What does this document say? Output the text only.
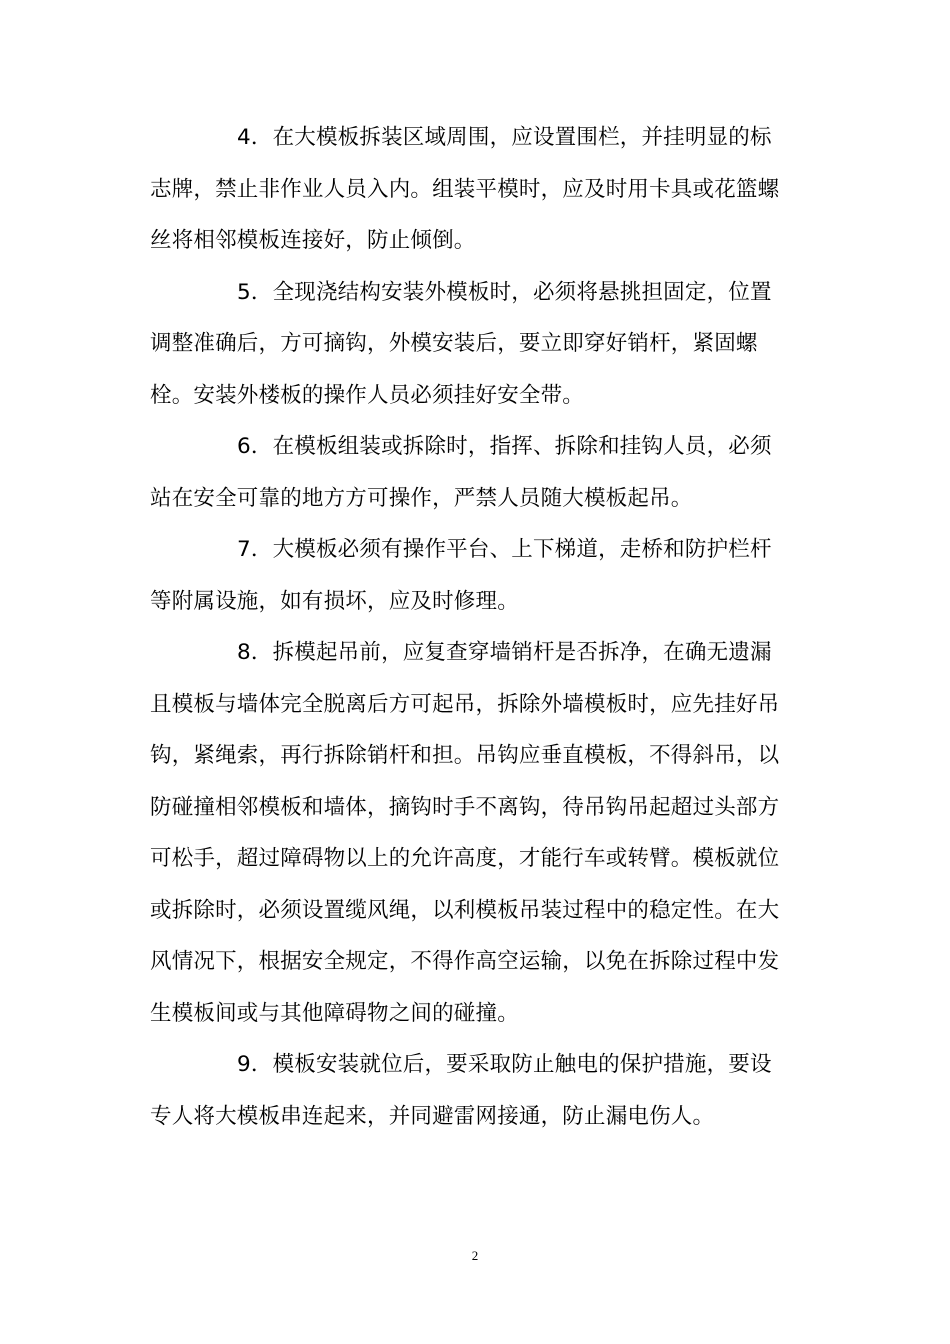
4．在大模板拆装区域周围，应设置围栏，并挂明显的标
志牌，禁止非作业人员入内。组装平模时，应及时用卡具或花篮螺
丝将相邻模板连接好，防止倾倒。
5．全现浇结构安装外模板时，必须将悬挑担固定，位置
调整准确后，方可摘钩，外模安装后，要立即穿好销杆，紧固螺
栓。安装外楼板的操作人员必须挂好安全带。
6．在模板组装或拆除时，指挥、拆除和挂钩人员，必须
站在安全可靠的地方方可操作，严禁人员随大模板起吊。
7．大模板必须有操作平台、上下梯道，走桥和防护栏杆
等附属设施，如有损坏，应及时修理。
8．拆模起吊前，应复查穿墙销杆是否拆净，在确无遗漏
且模板与墙体完全脱离后方可起吊，拆除外墙模板时，应先挂好吊
钩，紧绳索，再行拆除销杆和担。吊钩应垂直模板，不得斜吊，以
防碰撞相邻模板和墙体，摘钩时手不离钩，待吊钩吊起超过头部方
可松手，超过障碍物以上的允许高度，才能行车或转臂。模板就位
或拆除时，必须设置缆风绳，以利模板吊装过程中的稳定性。在大
风情况下，根据安全规定，不得作高空运输，以免在拆除过程中发
生模板间或与其他障碍物之间的碰撞。
9．模板安装就位后，要采取防止触电的保护措施，要设
专人将大模板串连起来，并同避雷网接通，防止漏电伤人。
2
